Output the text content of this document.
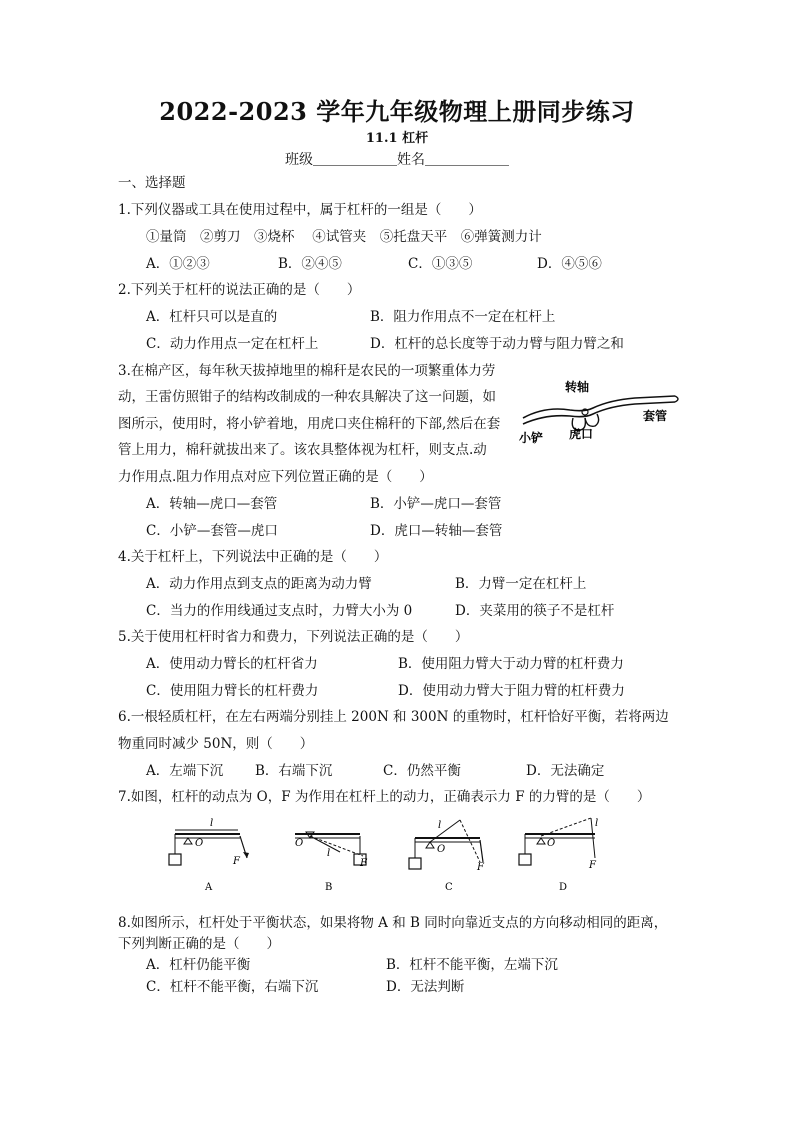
2022-2023 学年九年级物理上册同步练习
11.1 杠杆
班级＿＿＿＿＿＿姓名＿＿＿＿＿＿
一、选择题
1.下列仪器或工具在使用过程中，属于杠杆的一组是（　　）
①量筒　②剪刀　③烧杯　 ④试管夹　⑤托盘天平　⑥弹簧测力计
A．①②③	B．②④⑤	C．①③⑤	D．④⑤⑥
2.下列关于杠杆的说法正确的是（　　）
A．杠杆只可以是直的	B．阻力作用点不一定在杠杆上
C．动力作用点一定在杠杆上	D．杠杆的总长度等于动力臂与阻力臂之和
3.在棉产区，每年秋天拔掉地里的棉秆是农民的一项繁重体力劳
动，王雷仿照钳子的结构改制成的一种农具解决了这一问题，如
图所示，使用时，将小铲着地，用虎口夹住棉秆的下部,然后在套
管上用力，棉秆就拔出来了。该农具整体视为杠杆，则支点.动
力作用点.阻力作用点对应下列位置正确的是（　　）
转轴
套管
小铲 虎口
A．转轴—虎口—套管	B．小铲—虎口—套管
C．小铲—套管—虎口	D．虎口—转轴—套管
4.关于杠杆上，下列说法中正确的是（　　）
A．动力作用点到支点的距离为动力臂	B．力臂一定在杠杆上
C．当力的作用线通过支点时，力臂大小为 0	D．夹菜用的筷子不是杠杆
5.关于使用杠杆时省力和费力，下列说法正确的是（　　）
A．使用动力臂长的杠杆省力	B．使用阻力臂大于动力臂的杠杆费力
C．使用阻力臂长的杠杆费力	D．使用动力臂大于阻力臂的杠杆费力
6.一根轻质杠杆，在左右两端分别挂上 200N 和 300N 的重物时，杠杆恰好平衡，若将两边
物重同时减少 50N，则（　　）
A．左端下沉 B．右端下沉	C．仍然平衡	D．无法确定
7.如图，杠杆的动点为 O，F 为作用在杠杆上的动力，正确表示力 F 的力臂的是（　　）
l
O
F
A
O
l
F
B
l
O
F
C
l
O
F
D
8.如图所示，杠杆处于平衡状态，如果将物 A 和 B 同时向靠近支点的方向移动相同的距离，
下列判断正确的是（　　）
A．杠杆仍能平衡	B．杠杆不能平衡，左端下沉
C．杠杆不能平衡，右端下沉	D．无法判断
